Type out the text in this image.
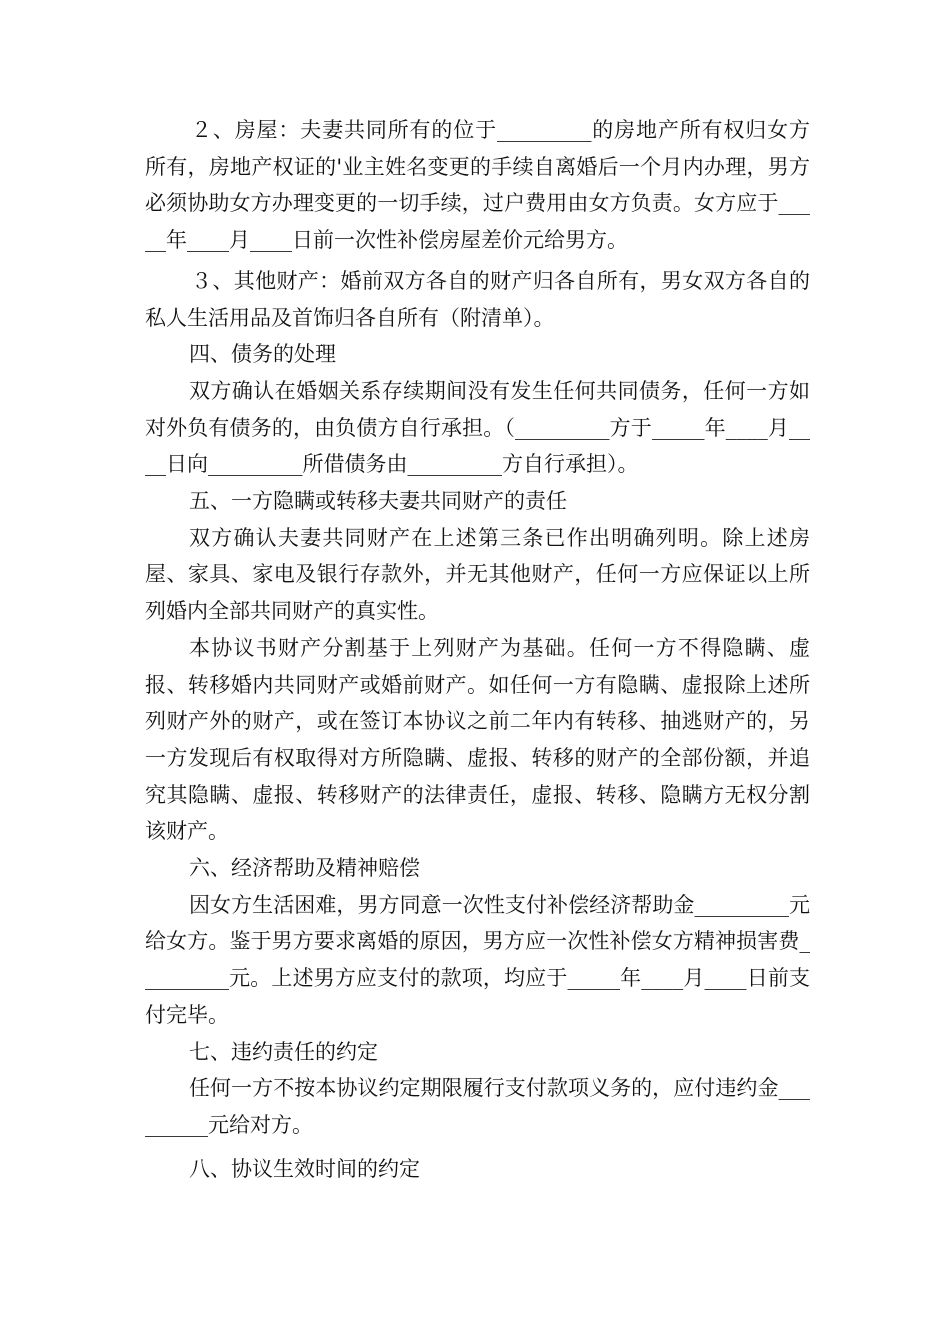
２、房屋：夫妻共同所有的位于_________的房地产所有权归女方所有，房地产权证的'业主姓名变更的手续自离婚后一个月内办理，男方必须协助女方办理变更的一切手续，过户费用由女方负责。女方应于_____年____月____日前一次性补偿房屋差价元给男方。

３、其他财产：婚前双方各自的财产归各自所有，男女双方各自的私人生活用品及首饰归各自所有（附清单）。

四、债务的处理

双方确认在婚姻关系存续期间没有发生任何共同债务，任何一方如对外负有债务的，由负债方自行承担。（_________方于_____年____月____日向_________所借债务由_________方自行承担）。

五、一方隐瞒或转移夫妻共同财产的责任

双方确认夫妻共同财产在上述第三条已作出明确列明。除上述房屋、家具、家电及银行存款外，并无其他财产，任何一方应保证以上所列婚内全部共同财产的真实性。

本协议书财产分割基于上列财产为基础。任何一方不得隐瞒、虚报、转移婚内共同财产或婚前财产。如任何一方有隐瞒、虚报除上述所列财产外的财产，或在签订本协议之前二年内有转移、抽逃财产的，另一方发现后有权取得对方所隐瞒、虚报、转移的财产的全部份额，并追究其隐瞒、虚报、转移财产的法律责任，虚报、转移、隐瞒方无权分割该财产。

六、经济帮助及精神赔偿

因女方生活困难，男方同意一次性支付补偿经济帮助金_________元给女方。鉴于男方要求离婚的原因，男方应一次性补偿女方精神损害费_________元。上述男方应支付的款项，均应于_____年____月____日前支付完毕。

七、违约责任的约定

任何一方不按本协议约定期限履行支付款项义务的，应付违约金_________元给对方。

八、协议生效时间的约定
